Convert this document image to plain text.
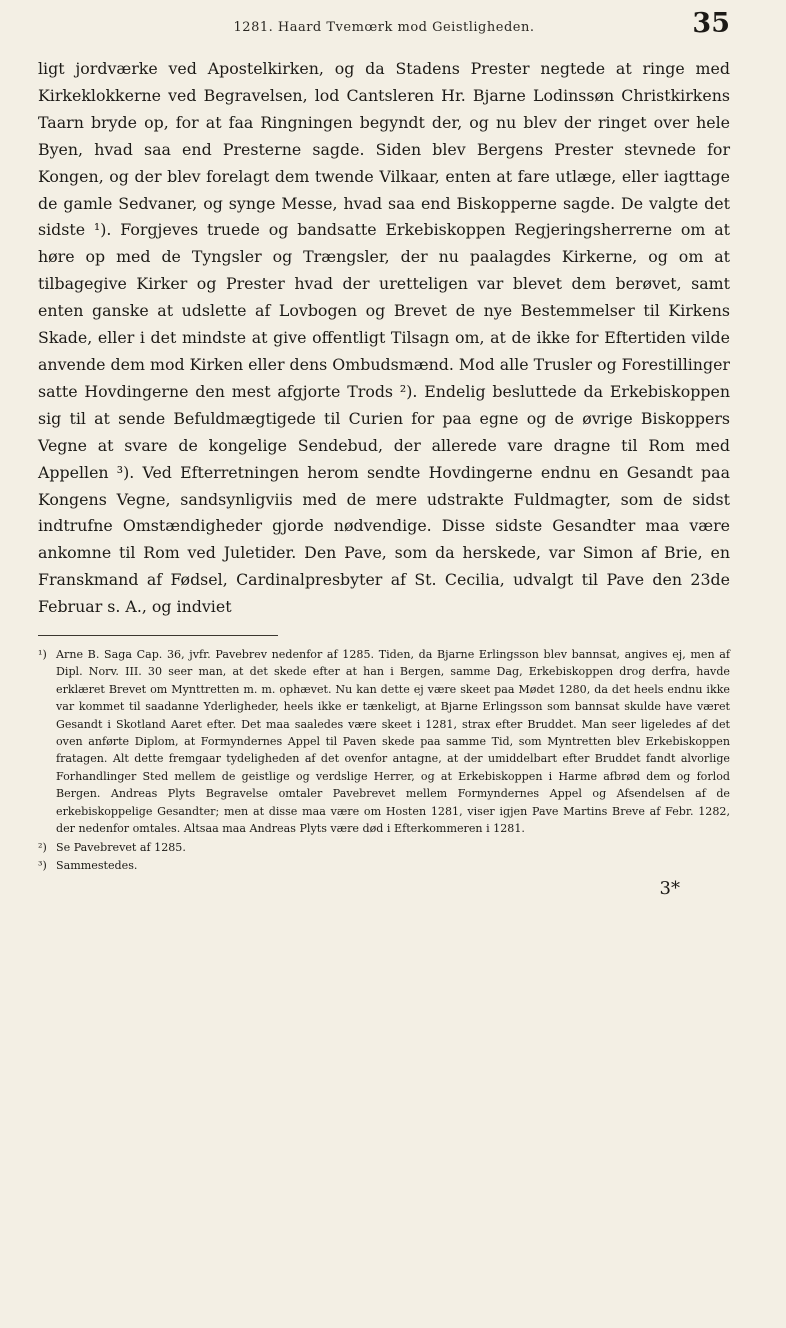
1281. Haard Tvemœrk mod Geistligheden.	35

ligt jordværke ved Apostelkirken, og da Stadens Prester negtede at ringe med Kirkeklokkerne ved Begravelsen, lod Cantsleren Hr. Bjarne Lodinssøn Christkirkens Taarn bryde op, for at faa Ringningen begyndt der, og nu blev der ringet over hele Byen, hvad saa end Presterne sagde. Siden blev Bergens Prester stevnede for Kongen, og der blev forelagt dem twende Vilkaar, enten at fare utlæge, eller iagttage de gamle Sedvaner, og synge Messe, hvad saa end Biskopperne sagde. De valgte det sidste ¹). Forgjeves truede og bandsatte Erkebiskoppen Regjeringsherrerne om at høre op med de Tyngsler og Trængsler, der nu paalagdes Kirkerne, og om at tilbagegive Kirker og Prester hvad der uretteligen var blevet dem berøvet, samt enten ganske at udslette af Lovbogen og Brevet de nye Bestemmelser til Kirkens Skade, eller i det mindste at give offentligt Tilsagn om, at de ikke for Eftertiden vilde anvende dem mod Kirken eller dens Ombudsmænd. Mod alle Trusler og Forestillinger satte Hovdingerne den mest afgjorte Trods ²). Endelig besluttede da Erkebiskoppen sig til at sende Befuldmægtigede til Curien for paa egne og de øvrige Biskoppers Vegne at svare de kongelige Sendebud, der allerede vare dragne til Rom med Appellen ³). Ved Efterretningen herom sendte Hovdingerne endnu en Gesandt paa Kongens Vegne, sandsynligviis med de mere udstrakte Fuldmagter, som de sidst indtrufne Omstændigheder gjorde nødvendige. Disse sidste Gesandter maa være ankomne til Rom ved Juletider. Den Pave, som da herskede, var Simon af Brie, en Franskmand af Fødsel, Cardinalpresbyter af St. Cecilia, udvalgt til Pave den 23de Februar s. A., og indviet

¹) Arne B. Saga Cap. 36, jvfr. Pavebrev nedenfor af 1285. Tiden, da Bjarne Erlingsson blev bannsat, angives ej, men af Dipl. Norv. III. 30 seer man, at det skede efter at han i Bergen, samme Dag, Erkebiskoppen drog derfra, havde erklæret Brevet om Mynttretten m. m. ophævet. Nu kan dette ej være skeet paa Mødet 1280, da det heels endnu ikke var kommet til saadanne Yderligheder, heels ikke er tænkeligt, at Bjarne Erlingsson som bannsat skulde have været Gesandt i Skotland Aaret efter. Det maa saaledes være skeet i 1281, strax efter Bruddet. Man seer ligeledes af det oven anførte Diplom, at Formyndernes Appel til Paven skede paa samme Tid, som Myntretten blev Erkebiskoppen fratagen. Alt dette fremgaar tydeligheden af det ovenfor antagne, at der umiddelbart efter Bruddet fandt alvorlige Forhandlinger Sted mellem de geistlige og verdslige Herrer, og at Erkebiskoppen i Harme afbrød dem og forlod Bergen. Andreas Plyts Begravelse omtaler Pavebrevet mellem Formyndernes Appel og Afsendelsen af de erkebiskoppelige Gesandter; men at disse maa være om Hosten 1281, viser igjen Pave Martins Breve af Febr. 1282, der nedenfor omtales. Altsaa maa Andreas Plyts være død i Efterkommeren i 1281.

²) Se Pavebrevet af 1285.

³) Sammestedes.

3*
